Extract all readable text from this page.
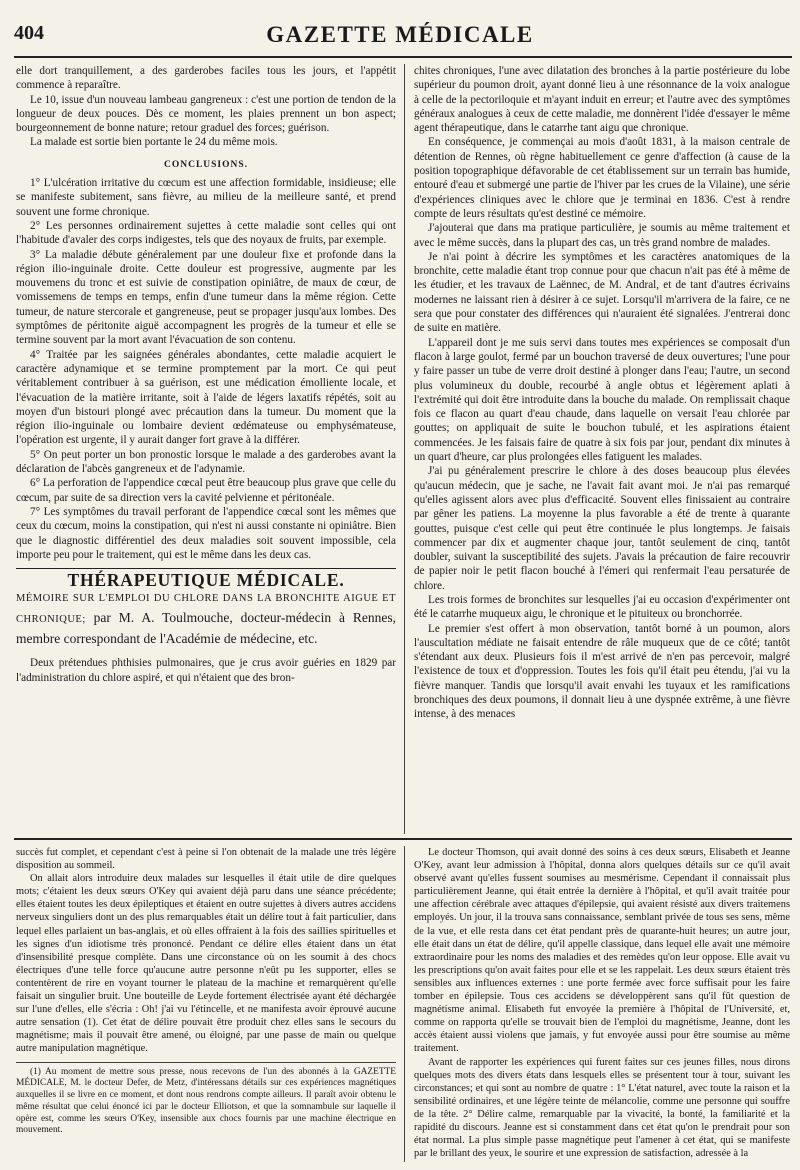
404	GAZETTE MÉDICALE

elle dort tranquillement, a des garderobes faciles tous les jours, et l'appétit commence à reparaître.

Le 10, issue d'un nouveau lambeau gangreneux : c'est une portion de tendon de la longueur de deux pouces. Dès ce moment, les plaies prennent un bon aspect; bourgeonnement de bonne nature; retour graduel des forces; guérison.

La malade est sortie bien portante le 24 du même mois.

CONCLUSIONS.

1° L'ulcération irritative du cœcum est une affection formidable, insidieuse; elle se manifeste subitement, sans fièvre, au milieu de la meilleure santé, et prend souvent une forme chronique.

2° Les personnes ordinairement sujettes à cette maladie sont celles qui ont l'habitude d'avaler des corps indigestes, tels que des noyaux de fruits, par exemple.

3° La maladie débute généralement par une douleur fixe et profonde dans la région ilio-inguinale droite. Cette douleur est progressive, augmente par les mouvemens du tronc et est suivie de constipation opiniâtre, de maux de cœur, de vomissemens de temps en temps, enfin d'une tumeur dans la même région. Cette tumeur, de nature stercorale et gangreneuse, peut se propager jusqu'aux lombes. Des symptômes de péritonite aiguë accompagnent les progrès de la tumeur et elle se termine souvent par la mort avant l'évacuation de son contenu.

4° Traitée par les saignées générales abondantes, cette maladie acquiert le caractère adynamique et se termine promptement par la mort. Ce qui peut véritablement contribuer à sa guérison, est une médication émolliente locale, et l'évacuation de la matière irritante, soit à l'aide de légers laxatifs répétés, soit au moyen d'un bistouri plongé avec précaution dans la tumeur. Du moment que la région ilio-inguinale ou lombaire devient œdémateuse ou emphysémateuse, l'opération est urgente, il y aurait danger fort grave à la différer.

5° On peut porter un bon pronostic lorsque le malade a des garderobes avant la déclaration de l'abcès gangreneux et de l'adynamie.

6° La perforation de l'appendice cœcal peut être beaucoup plus grave que celle du cœcum, par suite de sa direction vers la cavité pelvienne et péritonéale.

7° Les symptômes du travail perforant de l'appendice cœcal sont les mêmes que ceux du cœcum, moins la constipation, qui n'est ni aussi constante ni opiniâtre. Bien que le diagnostic différentiel des deux maladies soit souvent impossible, cela importe peu pour le traitement, qui est le même dans les deux cas.

THÉRAPEUTIQUE MÉDICALE.

MÉMOIRE SUR L'EMPLOI DU CHLORE DANS LA BRONCHITE AIGUE ET CHRONIQUE; par M. A. Toulmouche, docteur-médecin à Rennes, membre correspondant de l'Académie de médecine, etc.

Deux prétendues phthisies pulmonaires, que je crus avoir guéries en 1829 par l'administration du chlore aspiré, et qui n'étaient que des bron-

chites chroniques, l'une avec dilatation des bronches à la partie postérieure du lobe supérieur du poumon droit, ayant donné lieu à une résonnance de la voix analogue à celle de la pectoriloquie et m'ayant induit en erreur; et l'autre avec des symptômes généraux analogues à ceux de cette maladie, me donnèrent l'idée d'essayer le même agent thérapeutique, dans le catarrhe tant aigu que chronique.

En conséquence, je commençai au mois d'août 1831, à la maison centrale de détention de Rennes, où règne habituellement ce genre d'affection (à cause de la position topographique défavorable de cet établissement sur un terrain bas humide, entouré d'eau et submergé une partie de l'hiver par les crues de la Vilaine), une série d'expériences cliniques avec le chlore que je terminai en 1836. C'est à rendre compte de leurs résultats qu'est destiné ce mémoire.

J'ajouterai que dans ma pratique particulière, je soumis au même traitement et avec le même succès, dans la plupart des cas, un très grand nombre de malades.

Je n'ai point à décrire les symptômes et les caractères anatomiques de la bronchite, cette maladie étant trop connue pour que chacun n'ait pas été à même de les étudier, et les travaux de Laënnec, de M. Andral, et de tant d'autres écrivains modernes ne laissant rien à désirer à ce sujet. Lorsqu'il m'arrivera de la faire, ce ne sera que pour constater des différences qui n'auraient été signalées. J'entrerai donc de suite en matière.

L'appareil dont je me suis servi dans toutes mes expériences se composait d'un flacon à large goulot, fermé par un bouchon traversé de deux ouvertures; l'une pour y faire passer un tube de verre droit destiné à plonger dans l'eau; l'autre, un second plus volumineux du double, recourbé à angle obtus et légèrement aplati à l'extrémité qui doit être introduite dans la bouche du malade. On remplissait chaque fois ce flacon au quart d'eau chaude, dans laquelle on versait l'eau chlorée par gouttes; on appliquait de suite le bouchon tubulé, et les aspirations étaient commencées. Je les faisais faire de quatre à six fois par jour, pendant dix minutes à un quart d'heure, car plus prolongées elles fatiguent les malades.

J'ai pu généralement prescrire le chlore à des doses beaucoup plus élevées qu'aucun médecin, que je sache, ne l'avait fait avant moi. Je n'ai pas remarqué qu'elles agissent alors avec plus d'efficacité. Souvent elles finissaient au contraire par gêner les patiens. La moyenne la plus favorable a été de trente à quarante gouttes, puisque c'est celle qui peut être continuée le plus longtemps. Je faisais commencer par dix et augmenter chaque jour, tantôt seulement de cinq, tantôt doubler, suivant la susceptibilité des sujets. J'avais la précaution de faire recouvrir de papier noir le petit flacon bouché à l'émeri qui renfermait l'eau persaturée de chlore.

Les trois formes de bronchites sur lesquelles j'ai eu occasion d'expérimenter ont été le catarrhe muqueux aigu, le chronique et le pituiteux ou bronchorrée.

Le premier s'est offert à mon observation, tantôt borné à un poumon, alors l'auscultation médiate ne faisait entendre de râle muqueux que de ce côté; tantôt s'étendant aux deux. Plusieurs fois il m'est arrivé de n'en pas percevoir, malgré l'existence de toux et d'oppression. Toutes les fois qu'il était peu étendu, j'ai vu la fièvre manquer. Tandis que lorsqu'il avait envahi les tuyaux et les ramifications bronchiques des deux poumons, il donnait lieu à une dyspnée extrême, à une fièvre intense, à des menaces

succès fut complet, et cependant c'est à peine si l'on obtenait de la malade une très légère disposition au sommeil.

On allait alors introduire deux malades sur lesquelles il était utile de dire quelques mots; c'étaient les deux sœurs O'Key qui avaient déjà paru dans une séance précédente; elles étaient toutes les deux épileptiques et étaient en outre sujettes à divers autres accidens nerveux singuliers dont un des plus remarquables était un délire tout à fait particulier, dans lequel elles parlaient un bas-anglais, et où elles offraient à la fois des saillies spirituelles et les signes d'un idiotisme très prononcé. Pendant ce délire elles étaient dans un état d'insensibilité presque complète. Dans une circonstance où on les soumit à des chocs électriques d'une telle force qu'aucune autre personne n'eût pu les supporter, elles se contentèrent de rire en voyant tourner le plateau de la machine et remarquèrent qu'elle faisait un singulier bruit. Une bouteille de Leyde fortement électrisée ayant été déchargée sur l'une d'elles, elle s'écria : Oh! j'ai vu l'étincelle, et ne manifesta avoir éprouvé aucune autre sensation (1). Cet état de délire pouvait être produit chez elles sans le secours du magnétisme; mais il pouvait être amené, ou éloigné, par une passe de main ou quelque autre manipulation magnétique.

(1) Au moment de mettre sous presse, nous recevons de l'un des abonnés à la GAZETTE MÉDICALE, M. le docteur Defer, de Metz, d'intéressans détails sur ces expériences magnétiques auxquelles il se livre en ce moment, et dont nous rendrons compte ailleurs. Il paraît avoir obtenu le même résultat que celui énoncé ici par le docteur Elliotson, et que la somnambule sur laquelle il opère est, comme les sœurs O'Key, insensible aux chocs fournis par une machine électrique en mouvement.

Le docteur Thomson, qui avait donné des soins à ces deux sœurs, Elisabeth et Jeanne O'Key, avant leur admission à l'hôpital, donna alors quelques détails sur ce qu'il avait observé avant qu'elles fussent soumises au mesmérisme. Cependant il connaissait plus particulièrement Jeanne, qui était entrée la dernière à l'hôpital, et qu'il avait traitée pour une affection cérébrale avec attaques d'épilepsie, qui avaient résisté aux divers traitemens employés. Un jour, il la trouva sans connaissance, semblant privée de tous ses sens, même de la vue, et elle resta dans cet état pendant près de quarante-huit heures; un autre jour, elle était dans un état de délire, qu'il appelle classique, dans lequel elle avait une mémoire extraordinaire pour les noms des maladies et des remèdes qu'on leur oppose. Elle avait vu les prescriptions qu'on avait faites pour elle et se les rappelait. Les deux sœurs étaient très sensibles aux influences externes : une porte fermée avec force suffisait pour les faire tomber en épilepsie. Tous ces accidens se développèrent sans qu'il fût question de magnétisme animal. Elisabeth fut envoyée la première à l'hôpital de l'Université, et, comme on rapporta qu'elle se trouvait bien de l'emploi du magnétisme, Jeanne, dont les accès étaient aussi violens que jamais, y fut envoyée aussi pour être soumise au même traitement.

Avant de rapporter les expériences qui furent faites sur ces jeunes filles, nous dirons quelques mots des divers états dans lesquels elles se présentent tour à tour, suivant les circonstances; et qui sont au nombre de quatre : 1° L'état naturel, avec toute la raison et la sensibilité ordinaires, et une légère teinte de mélancolie, comme une personne qui souffre de la tête. 2° Délire calme, remarquable par la vivacité, la bonté, la familiarité et la rapidité du discours. Jeanne est si constamment dans cet état qu'on le prendrait pour son état normal. La plus simple passe magnétique peut l'amener à cet état, qui se manifeste par le brillant des yeux, le sourire et une expression de satisfaction, adressée à la
